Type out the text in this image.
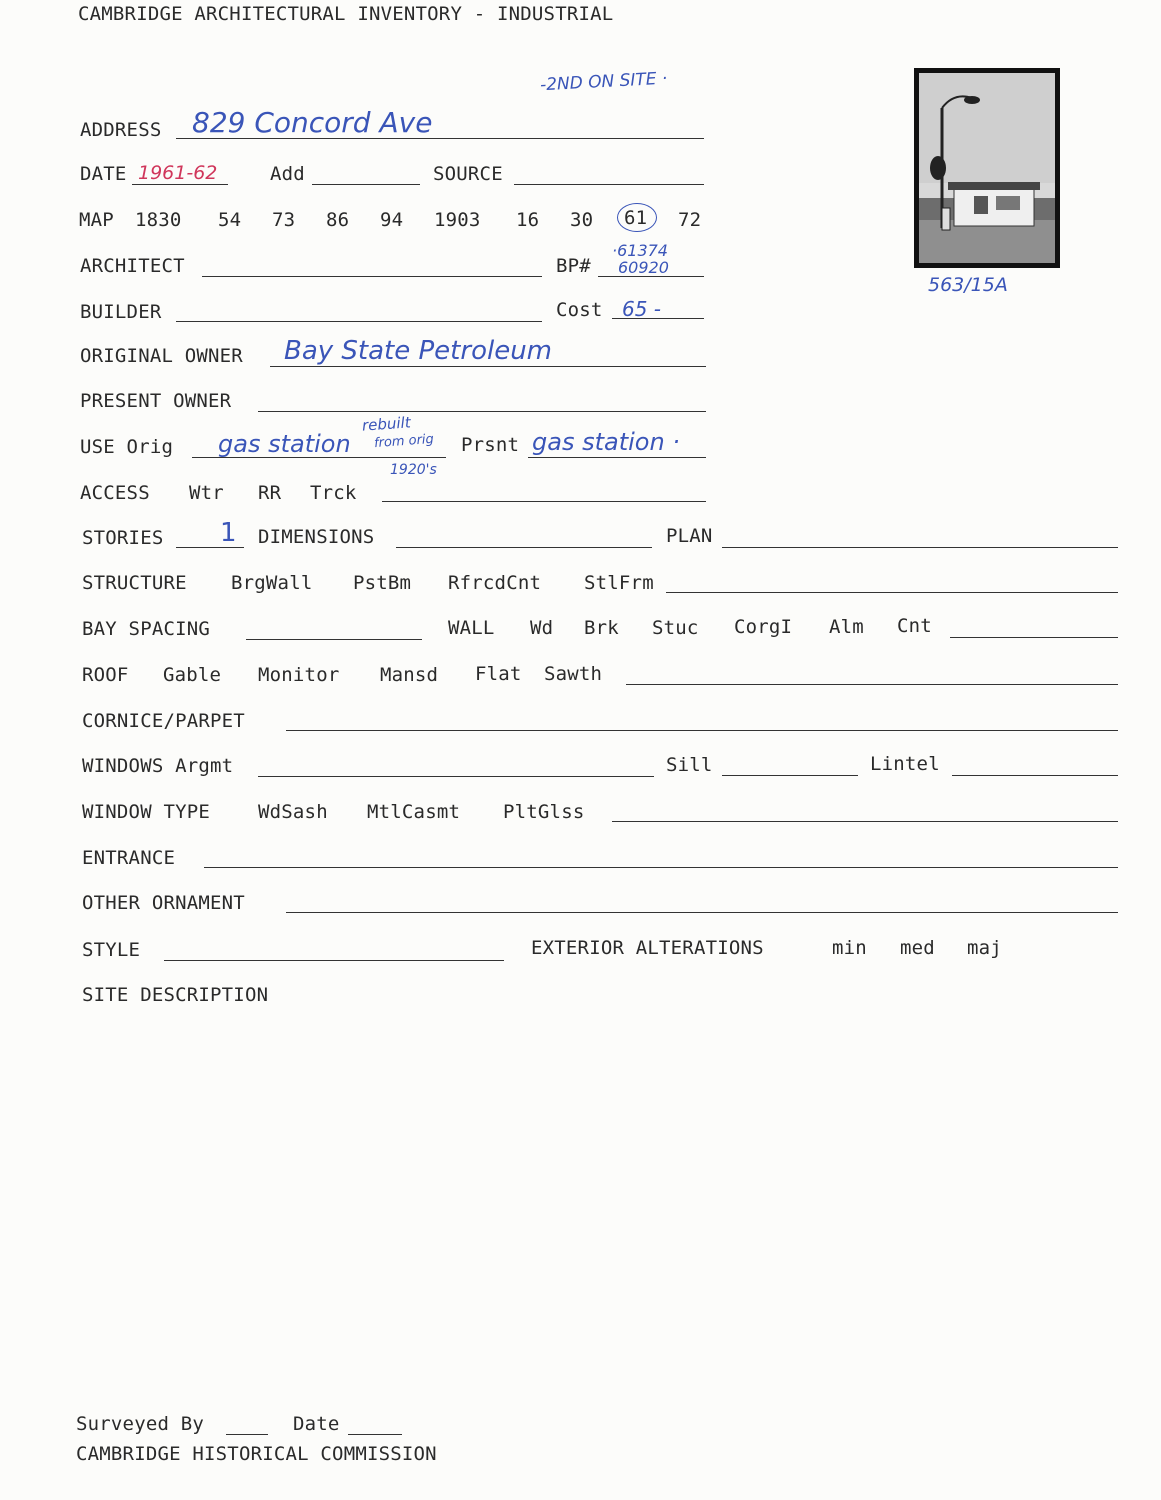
CAMBRIDGE ARCHITECTURAL INVENTORY - INDUSTRIAL
-2ND ON SITE ·
563/15A
ADDRESS 829 Concord Ave
DATE 1961-62	Add	SOURCE
MAP 1830 54 73 86 94 1903 16 30 61 72
ARCHITECT	BP#
·61374
60920
BUILDER	Cost 65 -
ORIGINAL OWNER Bay State Petroleum
PRESENT OWNER
USE Orig gas station
rebuilt
from orig
1920's
Prsnt gas station ·
ACCESS Wtr RR Trck
STORIES 1 DIMENSIONS	PLAN
STRUCTURE BrgWall PstBm RfrcdCnt StlFrm
BAY SPACING	WALL Wd Brk Stuc CorgI Alm Cnt
ROOF Gable Monitor Mansd Flat Sawth
CORNICE/PARPET
WINDOWS Argmt	Sill	Lintel
WINDOW TYPE	WdSash MtlCasmt PltGlss
ENTRANCE
OTHER ORNAMENT
STYLE	EXTERIOR ALTERATIONS	min med maj
SITE DESCRIPTION
Surveyed By	Date
CAMBRIDGE HISTORICAL COMMISSION
